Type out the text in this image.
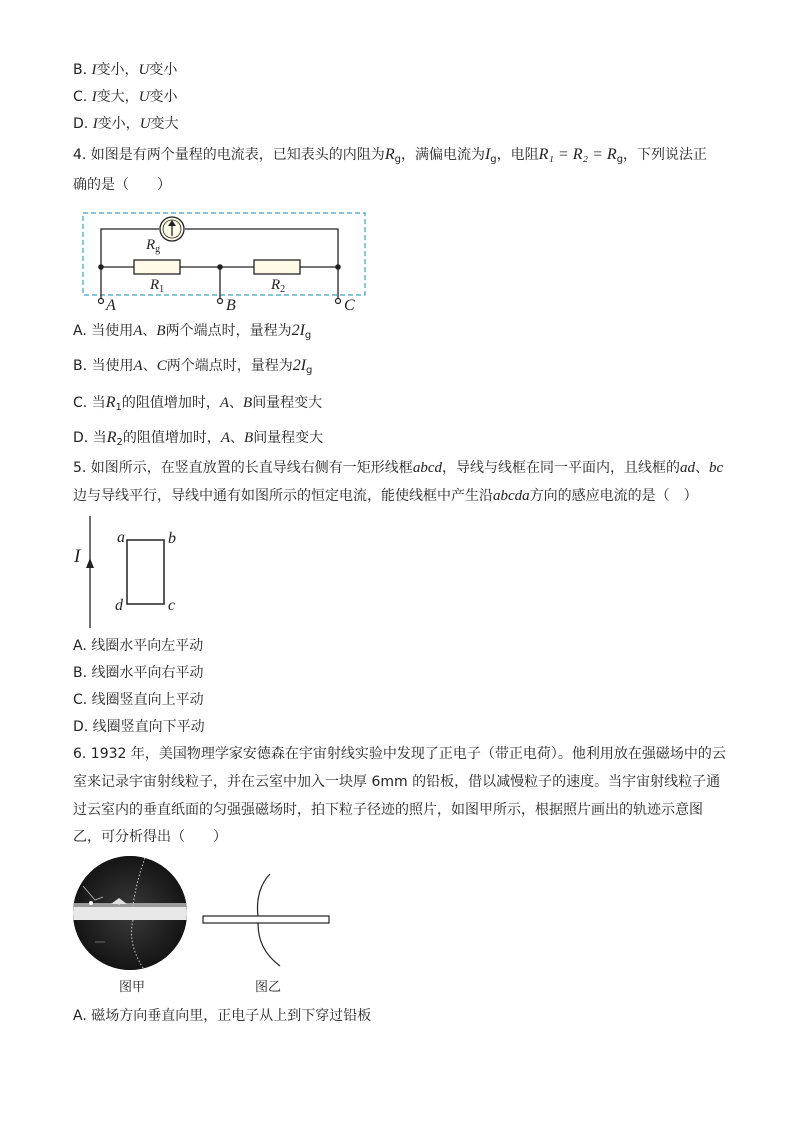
B. I变小，U变小
C. I变大，U变小
D. I变小，U变大
4. 如图是有两个量程的电流表，已知表头的内阻为$R_g$，满偏电流为$I_g$，电阻$R_1 = R_2 = R_g$，下列说法正
确的是（　　）
$R_g$
$R_1$	$R_2$
A	B	C
A. 当使用A、B两个端点时，量程为$2I_g$
B. 当使用A、C两个端点时，量程为$2I_g$
C. 当$R_1$的阻值增加时，A、B间量程变大
D. 当$R_2$的阻值增加时，A、B间量程变大
5. 如图所示，在竖直放置的长直导线右侧有一矩形线框abcd，导线与线框在同一平面内，且线框的ad、bc
边与导线平行，导线中通有如图所示的恒定电流，能使线框中产生沿abcda方向的感应电流的是（　）
I
a	b
d	c
A. 线圈水平向左平动
B. 线圈水平向右平动
C. 线圈竖直向上平动
D. 线圈竖直向下平动
6. 1932 年，美国物理学家安德森在宇宙射线实验中发现了正电子（带正电荷）。他利用放在强磁场中的云
室来记录宇宙射线粒子，并在云室中加入一块厚 6mm 的铅板，借以减慢粒子的速度。当宇宙射线粒子通
过云室内的垂直纸面的匀强强磁场时，拍下粒子径迹的照片，如图甲所示，根据照片画出的轨迹示意图
乙，可分析得出（　　）
图甲	图乙
A. 磁场方向垂直向里，正电子从上到下穿过铅板
